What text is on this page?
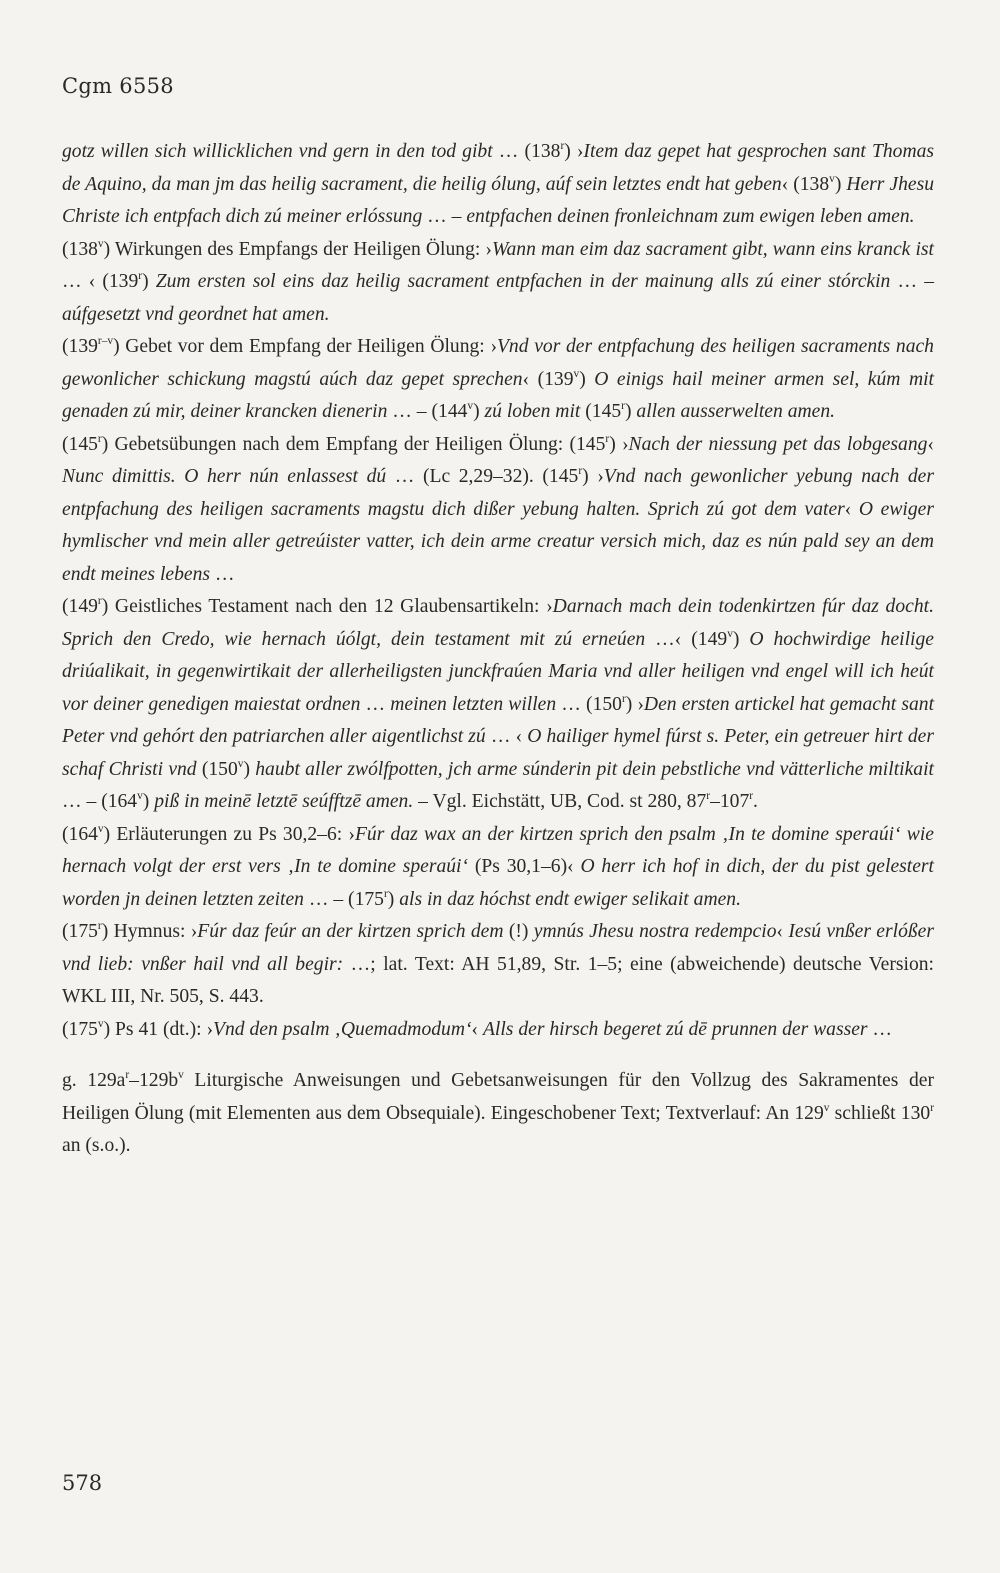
Cgm 6558

gotz willen sich willicklichen vnd gern in den tod gibt … (138$^r$) ›Item daz gepet hat gesprochen sant Thomas de Aquino, da man jm das heilig sacrament, die heilig ólung, aúf sein letztes endt hat geben‹ (138$^v$) Herr Jhesu Christe ich entpfach dich zú meiner erlóssung … – entpfachen deinen fronleichnam zum ewigen leben amen.

(138$^v$) Wirkungen des Empfangs der Heiligen Ölung: ›Wann man eim daz sacrament gibt, wann eins kranck ist … ‹ (139$^r$) Zum ersten sol eins daz heilig sacrament entpfachen in der mainung alls zú einer stórckin … – aúfgesetzt vnd geordnet hat amen.

(139$^{r-v}$) Gebet vor dem Empfang der Heiligen Ölung: ›Vnd vor der entpfachung des heiligen sacraments nach gewonlicher schickung magstú aúch daz gepet sprechen‹ (139$^v$) O einigs hail meiner armen sel, kúm mit genaden zú mir, deiner krancken dienerin … – (144$^v$) zú loben mit (145$^r$) allen ausserwelten amen.

(145$^r$) Gebetsübungen nach dem Empfang der Heiligen Ölung: (145$^r$) ›Nach der niessung pet das lobgesang‹ Nunc dimittis. O herr nún enlassest dú … (Lc 2,29–32). (145$^r$) ›Vnd nach gewonlicher yebung nach der entpfachung des heiligen sacraments magstu dich dißer yebung halten. Sprich zú got dem vater‹ O ewiger hymlischer vnd mein aller getreúister vatter, ich dein arme creatur versich mich, daz es nún pald sey an dem endt meines lebens …

(149$^r$) Geistliches Testament nach den 12 Glaubensartikeln: ›Darnach mach dein todenkirtzen fúr daz docht. Sprich den Credo, wie hernach úólgt, dein testament mit zú erneúen …‹ (149$^v$) O hochwirdige heilige driúalikait, in gegenwirtikait der allerheiligsten junckfraúen Maria vnd aller heiligen vnd engel will ich heút vor deiner genedigen maiestat ordnen … meinen letzten willen … (150$^r$) ›Den ersten artickel hat gemacht sant Peter vnd gehórt den patriarchen aller aigentlichst zú … ‹ O hailiger hymel fúrst s. Peter, ein getreuer hirt der schaf Christi vnd (150$^v$) haubt aller zwólfpotten, jch arme súnderin pit dein pebstliche vnd vätterliche miltikait … – (164$^v$) piß in meinē letztē seúfftzē amen. – Vgl. Eichstätt, UB, Cod. st 280, 87$^r$–107$^r$.

(164$^v$) Erläuterungen zu Ps 30,2–6: ›Fúr daz wax an der kirtzen sprich den psalm ‚In te domine speraúi‘ wie hernach volgt der erst vers ‚In te domine speraúi‘ (Ps 30,1–6)‹ O herr ich hof in dich, der du pist gelestert worden jn deinen letzten zeiten … – (175$^r$) als in daz hóchst endt ewiger selikait amen.

(175$^r$) Hymnus: ›Fúr daz feúr an der kirtzen sprich dem (!) ymnús Jhesu nostra redempcio‹ Iesú vnßer erlóßer vnd lieb: vnßer hail vnd all begir: …; lat. Text: AH 51,89, Str. 1–5; eine (abweichende) deutsche Version: WKL III, Nr. 505, S. 443.

(175$^v$) Ps 41 (dt.): ›Vnd den psalm ‚Quemadmodum‘‹ Alls der hirsch begeret zú dē prunnen der wasser …

g. $129a^r-129b^v$ Liturgische Anweisungen und Gebetsanweisungen für den Vollzug des Sakramentes der Heiligen Ölung (mit Elementen aus dem Obsequiale). Eingeschobener Text; Textverlauf: An 129$^v$ schließt 130$^r$ an (s.o.).

578
